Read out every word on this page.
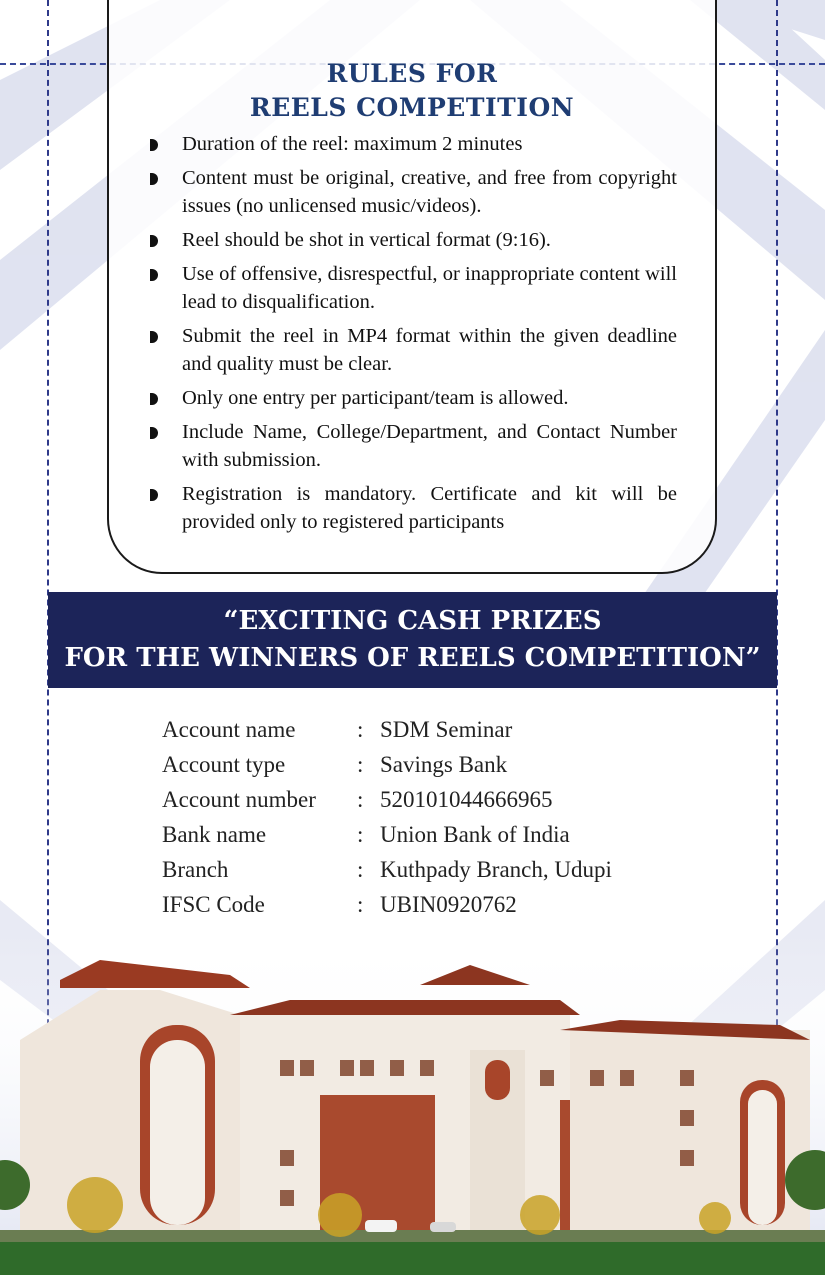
RULES FOR
REELS COMPETITION
Duration of the reel: maximum 2 minutes
Content must be original, creative, and free from copyright issues (no unlicensed music/videos).
Reel should be shot in vertical format (9:16).
Use of offensive, disrespectful, or inappropriate content will lead to disqualification.
Submit the reel in MP4 format within the given deadline and quality must be clear.
Only one entry per participant/team is allowed.
Include Name, College/Department, and Contact Number with submission.
Registration is mandatory. Certificate and kit will be provided only to registered participants

“EXCITING CASH PRIZES

FOR THE WINNERS OF REELS COMPETITION”

Account name	: SDM Seminar
Account type	: Savings Bank
Account number	: 520101044666965
Bank name	: Union Bank of India
Branch	: Kuthpady Branch, Udupi
IFSC Code	: UBIN0920762
